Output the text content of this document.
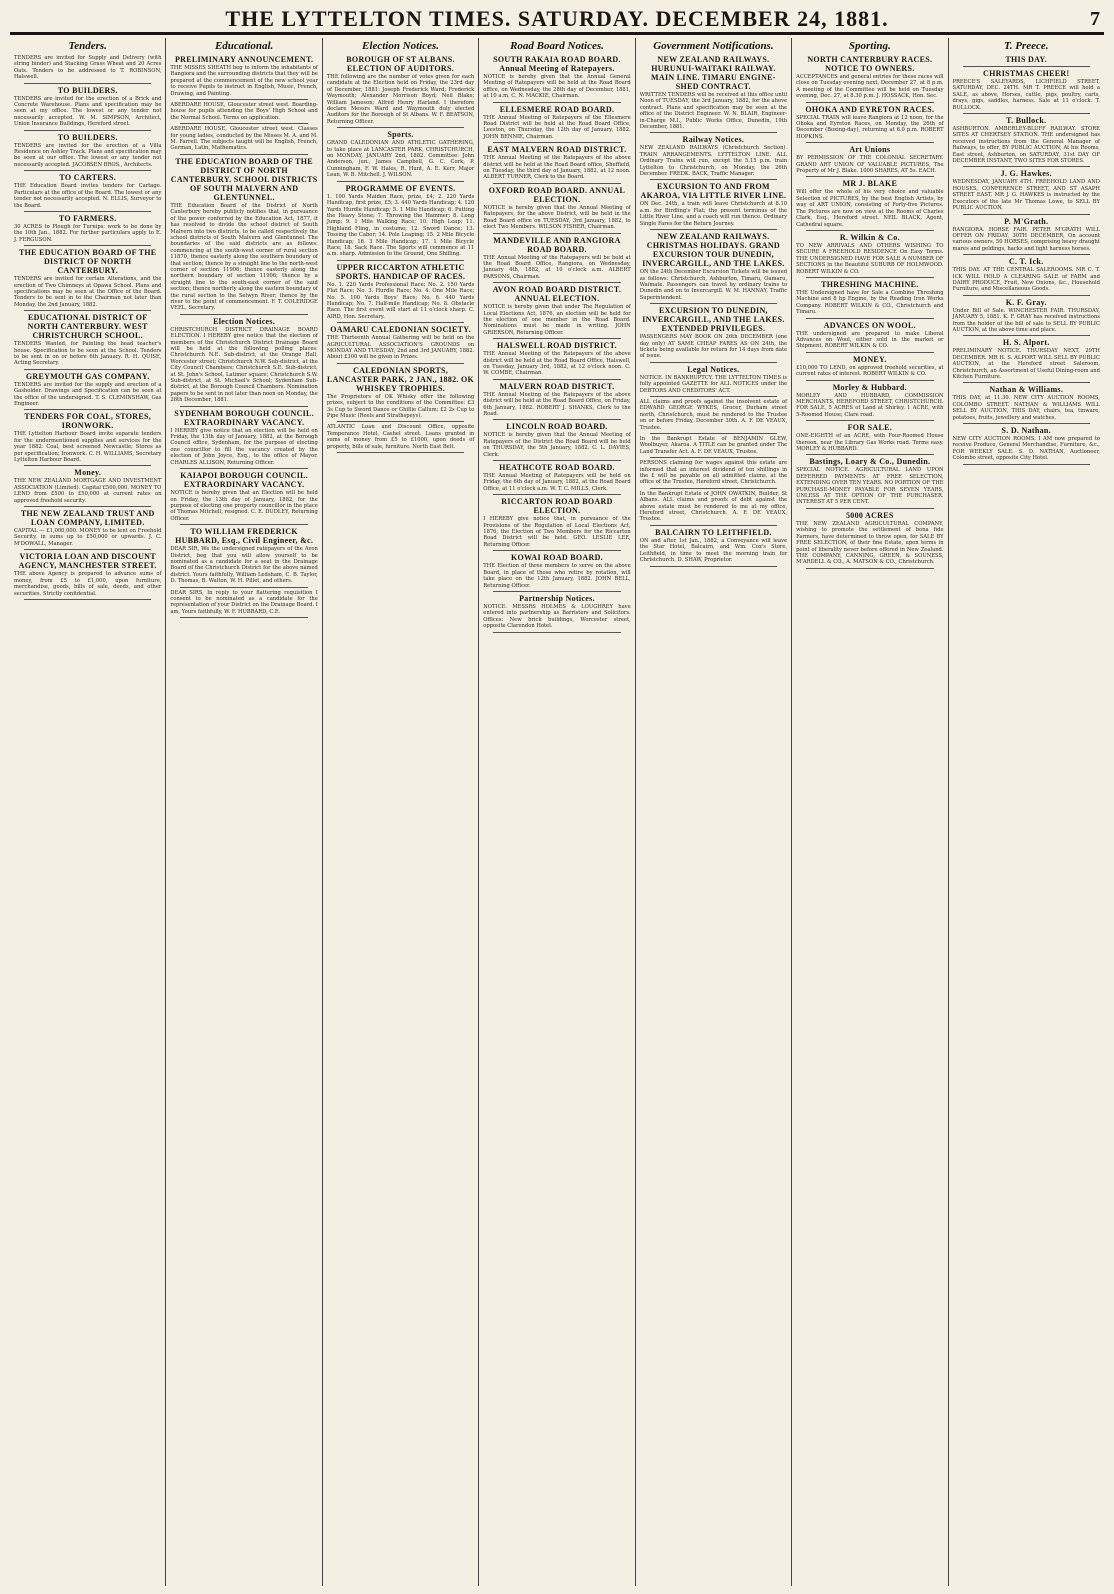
THE LYTTELTON TIMES. SATURDAY. DECEMBER 24, 1881.	7
Tenders.
TENDERS are invited for Supply and Delivery (with string binder) and Stacking Grass Wheat and 20 Acres Oats. Tenders to be addressed to T. ROBINSON, Halswell.
TO BUILDERS.
TENDERS are invited for the erection of a Brick and Concrete Warehouse. Plans and specification may be seen at my office. The lowest or any tender not necessarily accepted. W. M. SIMPSON, Architect, Union Insurance Buildings, Hereford street.
TO BUILDERS.
TENDERS are invited for the erection of a Villa Residence on Ashley Track. Plans and specification may be seen at our office. The lowest or any tender not necessarily accepted. JACOBSEN BROS., Architects.
TO CARTERS.
THE Education Board invites tenders for Cartage. Particulars at the office of the Board. The lowest or any tender not necessarily accepted. N. ELLIS, Surveyor to the Board.
TO FARMERS.
30 ACRES to Plough for Turnips; work to be done by the 10th Jan., 1882. For further particulars apply to E. J. FERGUSON.
THE EDUCATION BOARD OF THE DISTRICT OF NORTH CANTERBURY.
TENDERS are invited for certain Alterations, and the erection of Two Chimneys at Opawa School. Plans and specifications may be seen at the Office of the Board. Tenders to be sent in to the Chairman not later than Monday, the 2nd January, 1882.
EDUCATIONAL DISTRICT OF NORTH CANTERBURY. WEST CHRISTCHURCH SCHOOL.
TENDERS Wanted, for Painting the head teacher's house. Specification to be seen at the School. Tenders to be sent in on or before 6th January. R. H. QUISE, Acting Secretary.
GREYMOUTH GAS COMPANY.
TENDERS are invited for the supply and erection of a Gasholder. Drawings and Specification can be seen at the office of the undersigned. T. S. CLEMINSHAW, Gas Engineer.
TENDERS FOR COAL, STORES, IRONWORK.
THE Lyttelton Harbour Board invite separate tenders for the undermentioned supplies and services for the year 1882: Coal, best screened Newcastle; Stores as per specification; Ironwork. C. H. WILLIAMS, Secretary Lyttelton Harbour Board.
Money.
THE NEW ZEALAND MORTGAGE AND INVESTMENT ASSOCIATION (Limited). Capital £500,000. MONEY TO LEND from £500 to £50,000 at current rates on approved freehold security.
THE NEW ZEALAND TRUST AND LOAN COMPANY, LIMITED.
CAPITAL — £1,000,000. MONEY to be lent on Freehold Security, in sums up to £50,000 or upwards. J. C. M'DOWALL, Manager.
VICTORIA LOAN AND DISCOUNT AGENCY, MANCHESTER STREET.
THE above Agency is prepared to advance sums of money, from £5 to £1,000, upon furniture, merchandise, goods, bills of sale, deeds, and other securities. Strictly confidential.
Educational.
PRELIMINARY ANNOUNCEMENT.
THE MISSES SHEATH beg to inform the inhabitants of Rangiora and the surrounding districts that they will be prepared at the commencement of the new school year to receive Pupils to instruct in English, Music, French, Drawing, and Painting.
ABERDARE HOUSE, Gloucester street west. Boarding-house for pupils attending the Boys' High School and the Normal School. Terms on application.
ABERDARE HOUSE, Gloucester street west. Classes for young ladies, conducted by the Misses M. A. and M. M. Farrell. The subjects taught will be English, French, German, Latin, Mathematics.
THE EDUCATION BOARD OF THE DISTRICT OF NORTH CANTERBURY. SCHOOL DISTRICTS OF SOUTH MALVERN AND GLENTUNNEL.
THE Education Board of the District of North Canterbury hereby publicly notifies that, in pursuance of the power conferred by the Education Act, 1877, it has resolved to divide the school district of South Malvern into two districts, to be called respectively the school districts of South Malvern and Glentunnel. The boundaries of the said districts are as follows: commencing at the south-west corner of rural section 11870, thence easterly along the southern boundary of that section; thence by a straight line to the north-west corner of section 11906; thence easterly along the northern boundary of section 11906; thence by a straight line to the south-east corner of the said section; thence northerly along the eastern boundary of the rural section to the Selwyn River; thence by the river to the point of commencement. F. T. COLERIDGE VEEL, Secretary.
Election Notices.
CHRISTCHURCH DISTRICT DRAINAGE BOARD ELECTION. I HEREBY give notice that the election of members of the Christchurch District Drainage Board will be held at the following polling places: Christchurch N.E. Sub-district, at the Orange Hall, Worcester street; Christchurch N.W. Sub-district, at the City Council Chambers; Christchurch S.E. Sub-district, at St. John's School, Latimer square; Christchurch S.W. Sub-district, at St. Michael's School; Sydenham Sub-district, at the Borough Council Chambers. Nomination papers to be sent in not later than noon on Monday, the 26th December, 1881.
SYDENHAM BOROUGH COUNCIL. EXTRAORDINARY VACANCY.
I HEREBY give notice that an election will be held on Friday, the 13th day of January, 1882, at the Borough Council office, Sydenham, for the purpose of electing one councillor to fill the vacancy created by the election of John Joyce, Esq., to the office of Mayor. CHARLES ALLISON, Returning Officer.
KAIAPOI BOROUGH COUNCIL. EXTRAORDINARY VACANCY.
NOTICE is hereby given that an Election will be held on Friday, the 13th day of January, 1882, for the purpose of electing one property councillor in the place of Thomas Mitchell, resigned. C. E. DUDLEY, Returning Officer.
TO WILLIAM FREDERICK HUBBARD, Esq., Civil Engineer, &c.
DEAR SIR, We the undersigned ratepayers of the Avon District, beg that you will allow yourself to be nominated as a candidate for a seat in the Drainage Board of the Christchurch District for the above named district. Yours faithfully, William Ledsham, C. B. Taylor, D. Thomas, B. Walton, W. H. Pillet, and others.
DEAR SIRS, In reply to your flattering requisition I consent to be nominated as a candidate for the representation of your District on the Drainage Board. I am, Yours faithfully, W. F. HUBBARD, C.E.
Election Notices.
BOROUGH OF ST ALBANS. ELECTION OF AUDITORS.
THE following are the number of votes given for each candidate at the Election held on Friday, the 23rd day of December, 1881: Joseph Frederick Ward; Frederick Waymouth; Alexander Morrison Boyd; Neil Blake; William Jameson; Alfred Henry Harland. I therefore declare Messrs Ward and Waymouth duly elected Auditors for the Borough of St Albans. W. F. BEATSON, Returning Officer.
Sports.
GRAND CALEDONIAN AND ATHLETIC GATHERING, to take place at LANCASTER PARK, CHRISTCHURCH, on MONDAY, JANUARY 2nd, 1882. Committee: John Anderson, jun., James Campbell, G. C. Cork, P. Cunningham, F. W. Hales, R. Hunt, A. E. Kerr, Major Lean, W. B. Mitchell. J. WILSON.
PROGRAMME OF EVENTS.
1. 100 Yards Maiden Race, prize, £4; 2. 220 Yards Handicap, first prize, £5; 3. 440 Yards Handicap; 4. 120 Yards Hurdle Handicap; 5. 1 Mile Handicap; 6. Putting the Heavy Stone; 7. Throwing the Hammer; 8. Long Jump; 9. 1 Mile Walking Race; 10. High Leap; 11. Highland Fling, in costume; 12. Sword Dance; 13. Tossing the Caber; 14. Pole Leaping; 15. 2 Mile Bicycle Handicap; 16. 3 Mile Handicap; 17. 1 Mile Bicycle Race; 18. Sack Race. The Sports will commence at 11 a.m. sharp. Admission to the Ground, One Shilling.
UPPER RICCARTON ATHLETIC SPORTS. HANDICAP OF RACES.
No. 1. 220 Yards Professional Race; No. 2. 150 Yards Flat Race; No. 3. Hurdle Race; No. 4. One Mile Race; No. 5. 100 Yards Boys' Race; No. 6. 440 Yards Handicap; No. 7. Half-mile Handicap; No. 8. Obstacle Race. The first event will start at 11 o'clock sharp. C. AIRD, Hon. Secretary.
OAMARU CALEDONIAN SOCIETY.
THE Thirteenth Annual Gathering will be held on the AGRICULTURAL ASSOCIATION'S GROUNDS on MONDAY AND TUESDAY, 2nd and 3rd JANUARY, 1882. About £300 will be given in Prizes.
CALEDONIAN SPORTS, LANCASTER PARK, 2 JAN., 1882. OK WHISKEY TROPHIES.
The Proprietors of OK Whisky offer the following prizes, subject to the conditions of the Committee: £3 3s Cup to Sword Dance or Ghillie Callum; £2 2s Cup to Pipe Music (Reels and Strathspeys).
ATLANTIC Loan and Discount Office, opposite Temperance Hotel, Cashel street. Loans granted in sums of money from £5 to £1000, upon deeds of property, bills of sale, furniture. North East Belt.
Road Board Notices.
SOUTH RAKAIA ROAD BOARD. Annual Meeting of Ratepayers.
NOTICE is hereby given that the Annual General Meeting of Ratepayers will be held at the Road Board office, on Wednesday, the 28th day of December, 1881, at 10 a.m. C. N. MACKIE, Chairman.
ELLESMERE ROAD BOARD.
THE Annual Meeting of Ratepayers of the Ellesmere Road District will be held at the Road Board Office, Leeston, on Thursday, the 12th day of January, 1882. JOHN BENNIE, Chairman.
EAST MALVERN ROAD DISTRICT.
THE Annual Meeting of the Ratepayers of the above district will be held at the Road Board office, Sheffield, on Tuesday, the third day of January, 1882, at 12 noon. ALBERT TURNER, Clerk to the Board.
OXFORD ROAD BOARD. ANNUAL ELECTION.
NOTICE is hereby given that the Annual Meeting of Ratepayers, for the above District, will be held in the Road Board office on TUESDAY, 3rd January, 1882, to elect Two Members. WILSON FISHER, Chairman.
MANDEVILLE AND RANGIORA ROAD BOARD.
THE Annual Meeting of the Ratepayers will be held at the Road Board Office, Rangiora, on Wednesday, January 4th, 1882, at 10 o'clock a.m. ALBERT PARSONS, Chairman.
AVON ROAD BOARD DISTRICT. ANNUAL ELECTION.
NOTICE is hereby given that under The Regulation of Local Elections Act, 1876, an election will be held for the election of one member in the Road Board. Nominations must be made in writing. JOHN GRIERSON, Returning Officer.
HALSWELL ROAD DISTRICT.
THE Annual Meeting of the Ratepayers of the above district will be held at the Road Board Office, Halswell, on Tuesday, January 3rd, 1882, at 12 o'clock noon. C. W. COMBE, Chairman.
MALVERN ROAD DISTRICT.
THE Annual Meeting of the Ratepayers of the above district will be held at the Road Board Office, on Friday, 6th January, 1882. ROBERT J. SHANKS, Clerk to the Road.
LINCOLN ROAD BOARD.
NOTICE is hereby given that the Annual Meeting of Ratepayers of the District the Road Board will be held on THURSDAY, the 5th January, 1882. C. L. DAVIES, Clerk.
HEATHCOTE ROAD BOARD.
THE Annual Meeting of Ratepayers will be held on Friday, the 6th day of January, 1882, at the Road Board Office, at 11 o'clock a.m. W. T. C. MILLS, Clerk.
RICCARTON ROAD BOARD ELECTION.
I HEREBY give notice that, in pursuance of the Provisions of the Regulation of Local Elections Act, 1876, the Election of Two Members for the Riccarton Road District will be held. GEO. LESLIE LEE, Returning Officer.
KOWAI ROAD BOARD.
THE Election of three members to serve on the above Board, in place of those who retire by rotation, will take place on the 12th January, 1882. JOHN BELL, Returning Officer.
Partnership Notices.
NOTICE. MESSRS HOLMES & LOUGHREY have entered into partnership as Barristers and Solicitors. Offices: New brick buildings, Worcester street, opposite Clarendon Hotel.
Government Notifications.
NEW ZEALAND RAILWAYS. HURUNUI-WAITAKI RAILWAY. MAIN LINE. TIMARU ENGINE-SHED CONTRACT.
WRITTEN TENDERS will be received at this office until Noon of TUESDAY, the 3rd January, 1882, for the above contract. Plans and specification may be seen at the office of the District Engineer. W. N. BLAIR, Engineer-in-Charge M.I., Public Works Office, Dunedin, 19th December, 1881.
Railway Notices.
NEW ZEALAND RAILWAYS (Christchurch Section). TRAIN ARRANGEMENTS. LYTTELTON LINE. ALL Ordinary Trains will run, except the 5.15 p.m. train Lyttelton to Christchurch, on Monday, the 26th December. FREDK. BACK, Traffic Manager.
EXCURSION TO AND FROM AKAROA, VIA LITTLE RIVER LINE.
ON Dec. 24th, a train will leave Christchurch at 8.10 a.m. for Birdling's Flat; the present terminus of the Little River Line, and a coach will run thence. Ordinary Single Fares for the Return Journey.
NEW ZEALAND RAILWAYS. CHRISTMAS HOLIDAYS. GRAND EXCURSION TOUR DUNEDIN, INVERCARGILL, AND THE LAKES.
ON the 24th December Excursion Tickets will be issued as follows: Christchurch, Ashburton, Timaru, Oamaru, Waimate. Passengers can travel by ordinary trains to Dunedin and on to Invercargill. W. M. HANNAY, Traffic Superintendent.
EXCURSION TO DUNEDIN, INVERCARGILL, AND THE LAKES. EXTENDED PRIVILEGES.
PASSENGERS MAY BOOK ON 26th DECEMBER (one day only) AT SAME CHEAP FARES AS ON 24th, the tickets being available for return for 14 days from date of issue.
Legal Notices.
NOTICE. IN BANKRUPTCY. THE LYTTELTON TIMES is fully appointed GAZETTE for ALL NOTICES under the DEBTORS AND CREDITORS' ACT.
ALL claims and proofs against the insolvent estate of EDWARD GEORGE WYKES, Grocer, Durham street north, Christchurch, must be rendered to the Trustee on or before Friday, December 30th. A. F. DE VEAUX, Trustee.
In the Bankrupt Estate of BENJAMIN GLEW, Woolbuyer, Akaroa. A TITLE can be granted under The Land Transfer Act. A. F. DE VEAUX, Trustee.
PERSONS claiming for wages against this estate are informed that an interest dividend of ten shillings in the £ will be payable on all admitted claims, at the office of the Trustee, Hereford street, Christchurch.
In the Bankrupt Estate of JOHN OWATKIN, Builder, St Albans. ALL claims and proofs of debt against the above estate must be rendered to me at my office, Hereford street, Christchurch. A. F. DE VEAUX, Trustee.
BALCAIRN TO LEITHFIELD.
ON and after 1st Jan., 1882, a Conveyance will leave the Star Hotel, Balcairn, and Wm. Cox's Store, Leithfield, in time to meet the morning train for Christchurch. D. SHAW, Proprietor.
Sporting.
NORTH CANTERBURY RACES. NOTICE TO OWNERS.
ACCEPTANCES and general entries for these races will close on Tuesday evening next, December 27, at 8 p.m. A meeting of the Committee will be held on Tuesday evening, Dec. 27, at 8.30 p.m. J. HOSSACK, Hon. Sec.
OHOKA AND EYRETON RACES.
SPECIAL TRAIN will leave Rangiora at 12 noon, for the Ohoka and Eyreton Races, on Monday, the 26th of December (Boxing-day), returning at 6.0 p.m. ROBERT HOPKINS.
Art Unions
BY PERMISSION OF THE COLONIAL SECRETARY. GRAND ART UNION OF VALUABLE PICTURES, The Property of Mr J. Blake. 1000 SHARES, AT 5s. EACH.
MR J. BLAKE
Will offer the whole of his very choice and valuable Selection of PICTURES, by the best English Artists, by way of ART UNION, consisting of Forty-five Pictures. The Pictures are now on view at the Rooms of Charles Clark, Esq., Hereford street. NEIL BLACK, Agent, Cathedral square.
R. Wilkin & Co.
TO NEW ARRIVALS AND OTHERS WISHING TO SECURE A FREEHOLD RESIDENCE On Easy Terms. THE UNDERSIGNED HAVE FOR SALE A NUMBER OF SECTIONS in the Beautiful SUBURB OF HOLMWOOD. ROBERT WILKIN & CO.
THRESHING MACHINE.
THE Undersigned have for Sale a Combine Threshing Machine and 8 hp Engine, by the Reading Iron Works Company. ROBERT WILKIN & CO., Christchurch and Timaru.
ADVANCES ON WOOL.
THE undersigned are prepared to make Liberal Advances on Wool, either sold in the market or Shipment. ROBERT WILKIN & CO.
MONEY.
£10,000 TO LEND, on approved freehold securities, at current rates of interest. ROBERT WILKIN & CO.
Morley & Hubbard.
MORLEY AND HUBBARD, COMMISSION MERCHANTS, HEREFORD STREET, CHRISTCHURCH. FOR SALE, 5 ACRES of Land at Shirley. 1 ACRE, with 5-Roomed House; Clare road.
FOR SALE.
ONE-EIGHTH of an ACRE, with Four-Roomed House thereon, near the Library Gas Works road. Terms easy. MORLEY & HUBBARD.
Bastings, Loary & Co., Dunedin.
SPECIAL NOTICE. AGRICULTURAL LAND UPON DEFERRED PAYMENTS AT FREE SELECTION, EXTENDING OVER TEN YEARS. NO PORTION OF THE PURCHASE-MONEY PAYABLE FOR SEVEN YEARS, UNLESS AT THE OPTION OF THE PURCHASER. INTEREST AT 5 PER CENT.
5000 ACRES
THE NEW ZEALAND AGRICULTURAL COMPANY, wishing to promote the settlement of bona fide Farmers, have determined to throw open, for SALE BY FREE SELECTION, of their fine Estate, upon terms in point of liberality never before offered in New Zealand. THE COMPANY, CANNING, GREEN, & SOUNESS, M'ARDELL & CO., A. MATSON & CO., Christchurch.
T. Preece.
THIS DAY.
CHRISTMAS CHEER!
PREECE'S SALEYARDS, LICHFIELD STREET, SATURDAY, DEC. 24TH. MR T. PREECE will hold a SALE, as above, Horses, cattle, pigs, poultry, carts, drays, gigs, saddles, harness. Sale at 11 o'clock. T. BULLOCK.
T. Bullock.
ASHBURTON. AMBERLEY-BLUFF RAILWAY. STORE SITES AT CHERTSEY STATION. THE undersigned has received instructions from the General Manager of Railways, to offer, BY PUBLIC AUCTION, At his Rooms, East street, Ashburton, on SATURDAY, 31st DAY OF DECEMBER INSTANT, TWO SITES FOR STORES.
J. G. Hawkes.
WEDNESDAY, JANUARY 4TH. FREEHOLD LAND AND HOUSES, CONFERENCE STREET, AND ST ASAPH STREET EAST. MR J. G. HAWKES is instructed by the Executors of the late Mr Thomas Lowe, to SELL BY PUBLIC AUCTION.
P. M'Grath.
RANGIORA. HORSE FAIR. PETER M'GRATH WILL OFFER ON FRIDAY, 30TH DECEMBER, On account various owners, 50 HORSES, comprising heavy draught mares and geldings, hacks and light harness horses.
C. T. Ick.
THIS DAY. AT THE CENTRAL SALEROOMS. MR C. T. ICK WILL HOLD A CLEARING SALE of FARM and DAIRY PRODUCE, Fruit, New Onions, &c., Household Furniture, and Miscellaneous Goods.
K. F. Gray.
Under Bill of Sale. WINCHESTER FAIR. THURSDAY, JANUARY 5, 1881. K. F. GRAY has received instructions from the holder of the bill of sale to SELL BY PUBLIC AUCTION, at the above time and place.
H. S. Alport.
PRELIMINARY NOTICE. THURSDAY NEXT, 29TH DECEMBER. MR H. S. ALPORT WILL SELL BY PUBLIC AUCTION, at the Hereford street Saleroom, Christchurch, an Assortment of Useful Dining-room and Kitchen Furniture.
Nathan & Williams.
THIS DAY, at 11.30. NEW CITY AUCTION ROOMS, COLOMBO STREET. NATHAN & WILLIAMS WILL SELL BY AUCTION, THIS DAY, chairs, tea, tinware, potatoes, fruits, jewellery and watches.
S. D. Nathan.
NEW CITY AUCTION ROOMS. I AM now prepared to receive Produce, General Merchandise, Furniture, &c., FOR WEEKLY SALE. S. D. NATHAN, Auctioneer, Colombo street, opposite City Hotel.
